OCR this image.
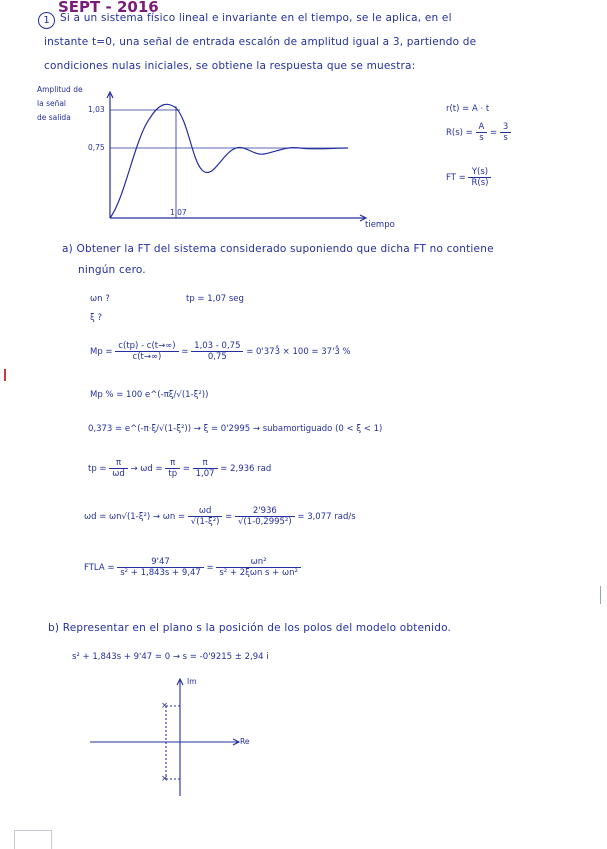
SEPT - 2016
1 Si a un sistema físico lineal e invariante en el tiempo, se le aplica, en el
instante t=0, una señal de entrada escalón de amplitud igual a 3, partiendo de
condiciones nulas iniciales, se obtiene la respuesta que se muestra:
Amplitud de
la señal
de salida
1,03
0,75
1,07
tiempo
r(t) = A · t
$R(s) = \frac{A}{s} = \frac{3}{s}$
FT = $\frac{Y(s)}{R(s)}$
a) Obtener la FT del sistema considerado suponiendo que dicha FT no contiene
ningún cero.
ωn ?	tp = 1,07 seg
ξ ?
$Mp = \frac{c(tp) - c(t\to\infty)}{c(t\to\infty)} = \frac{1,03 - 0,75}{0,75}$ = 0'373̂ × 100 = 37'3̂ %
Mp % = 100 e^(-πξ/√(1-ξ²))
0,373 = e^(-π·ξ/√(1-ξ²)) → ξ = 0'2995 → subamortiguado (0 < ξ < 1)
tp = $\frac{\pi}{\omega d} \to \omega d = \frac{\pi}{tp} = \frac{\pi}{1,07} = 2,936$ rad
$\omega d = \omega n√(1-\xi^2) \to \omega n = \frac{\omega d}{\text{√(1-ξ²)}} = \frac{2'936}{\text{√(1-0,2995²)}} = 3,077$ rad/s
FTLA = $\frac{9'47}{\text{s² + 1,843s + 9,47}} = \frac{\text{ωn²}}{\text{s² + 2ξωn s + ωn²}}$
b) Representar en el plano s la posición de los polos del modelo obtenido.
s² + 1,843s + 9'47 = 0 → s = -0'9215 ± 2,94 i
Im
Re
×
×
